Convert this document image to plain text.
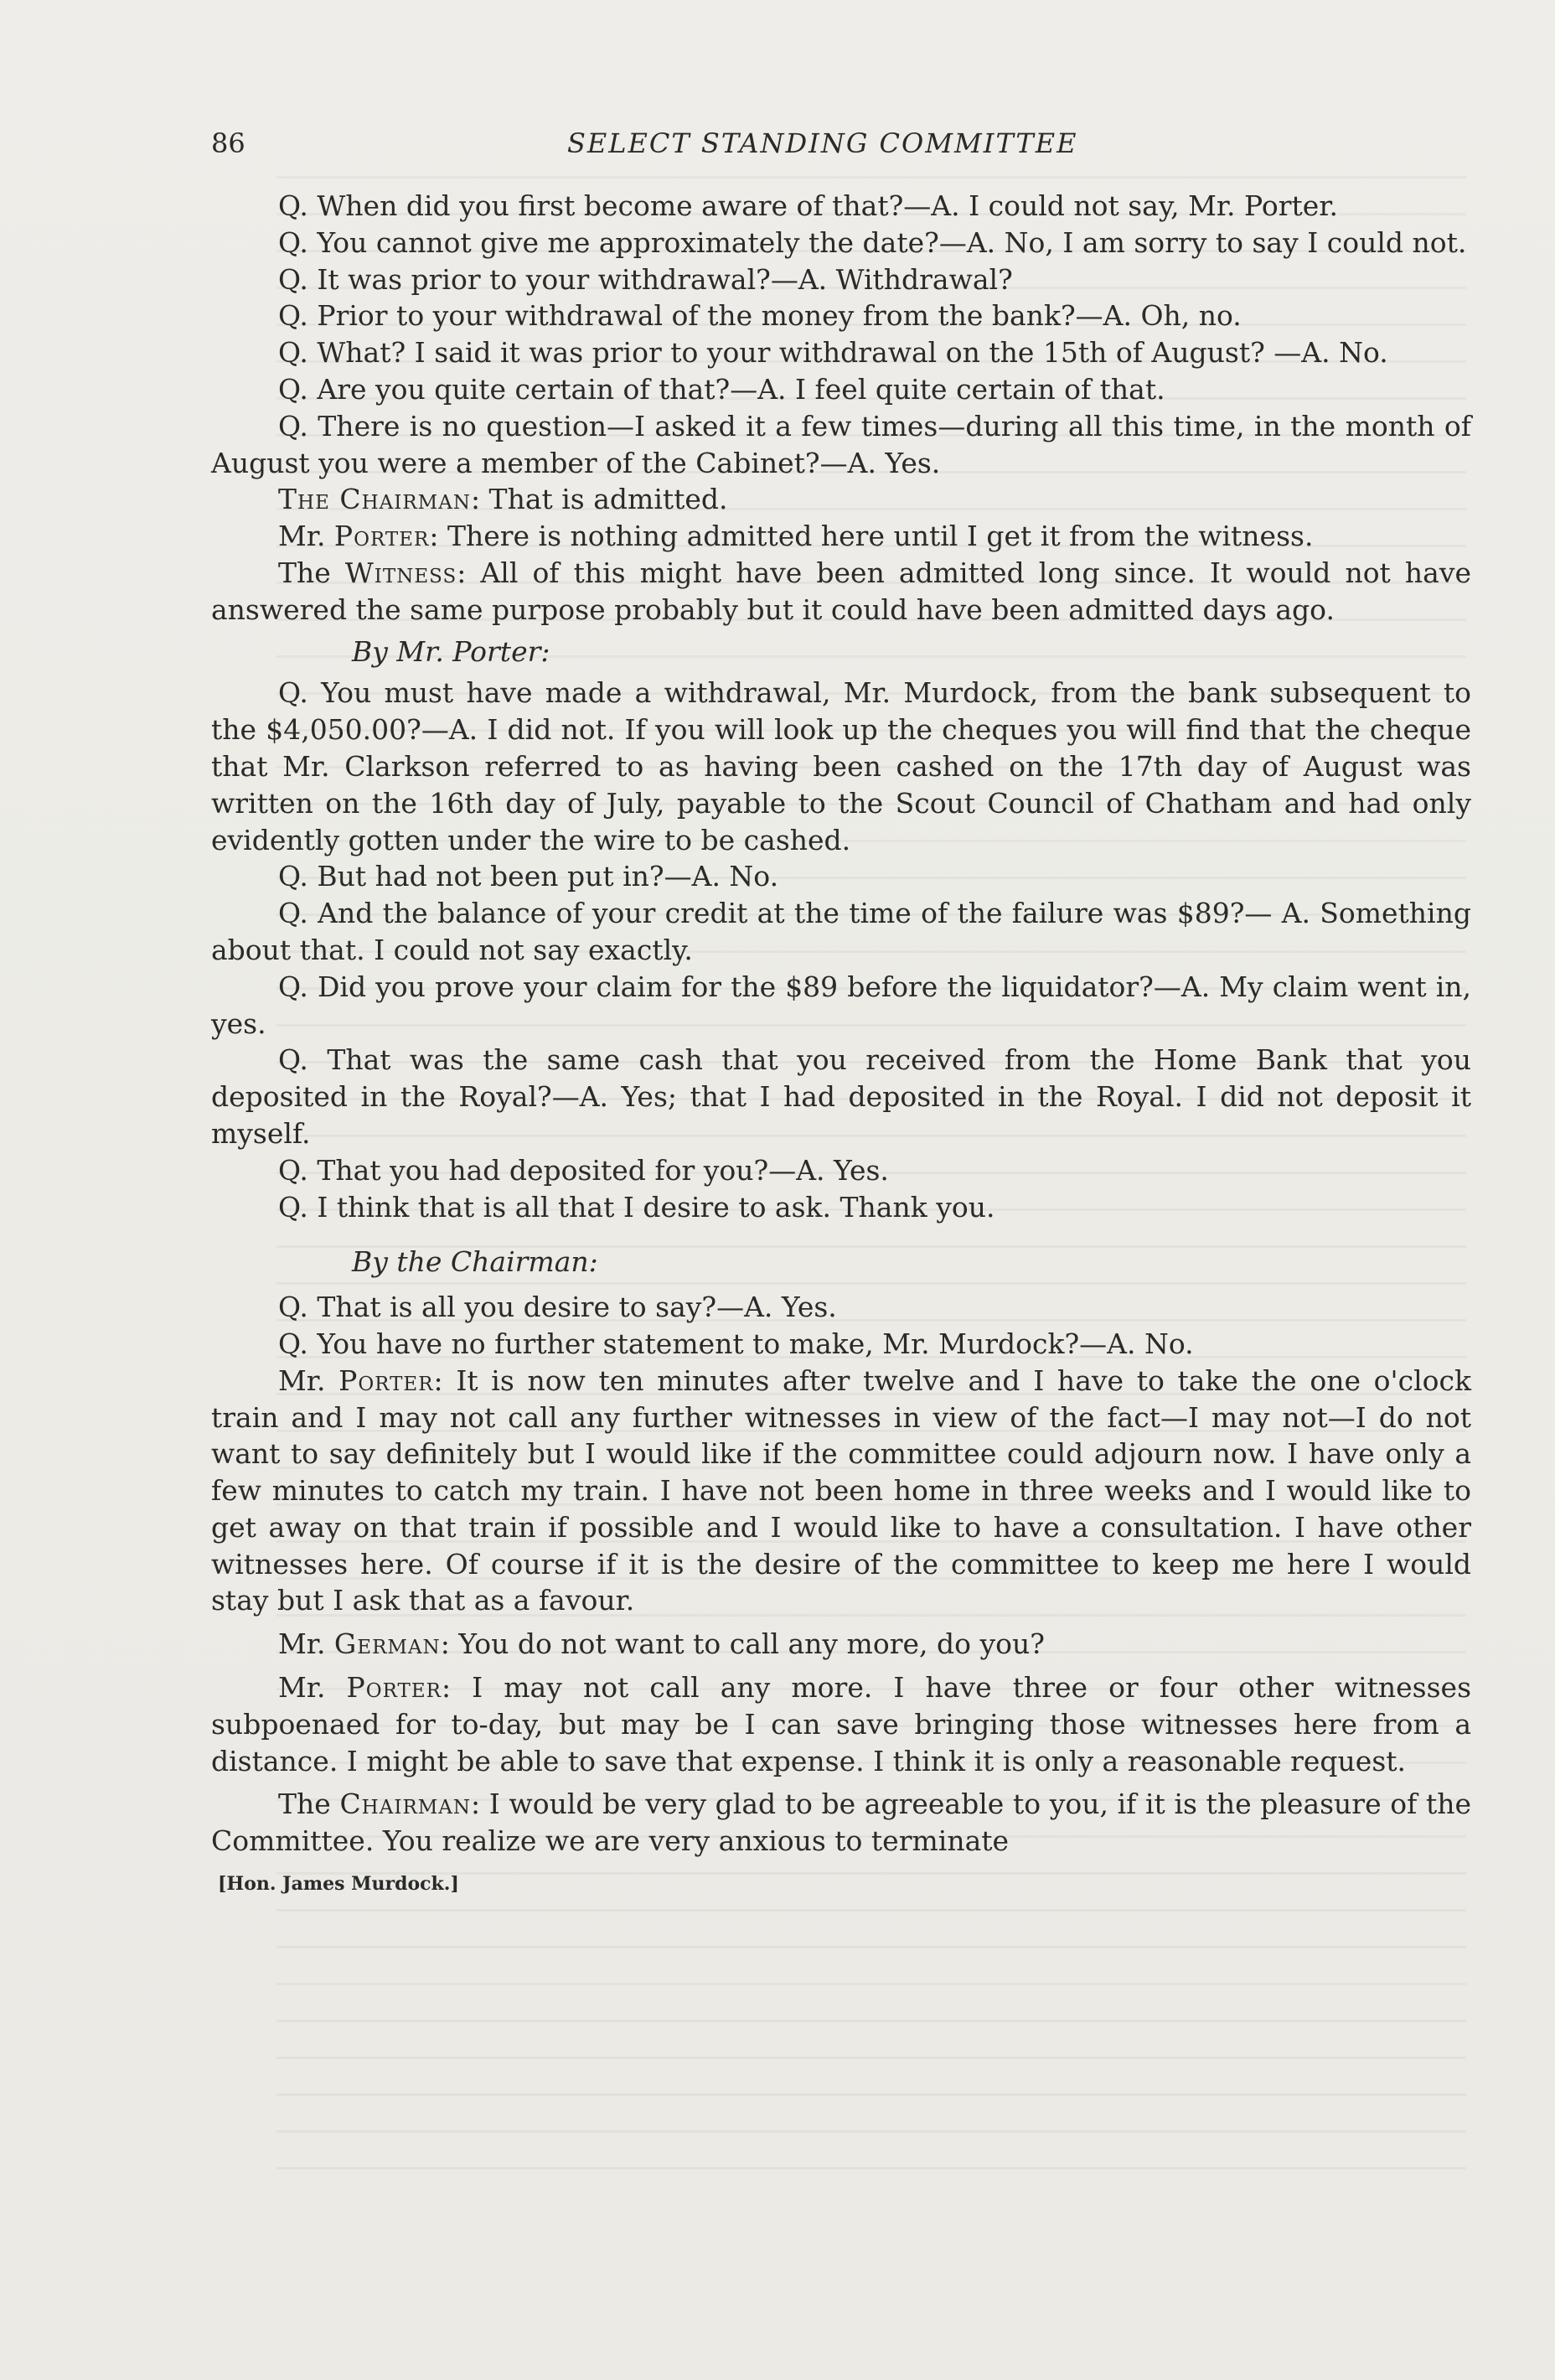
86	SELECT STANDING COMMITTEE

Q. When did you first become aware of that?—A. I could not say, Mr. Porter.

Q. You cannot give me approximately the date?—A. No, I am sorry to say I could not.

Q. It was prior to your withdrawal?—A. Withdrawal?

Q. Prior to your withdrawal of the money from the bank?—A. Oh, no.

Q. What? I said it was prior to your withdrawal on the 15th of August? —A. No.

Q. Are you quite certain of that?—A. I feel quite certain of that.

Q. There is no question—I asked it a few times—during all this time, in the month of August you were a member of the Cabinet?—A. Yes.

The Chairman: That is admitted.

Mr. Porter: There is nothing admitted here until I get it from the witness.

The Witness: All of this might have been admitted long since. It would not have answered the same purpose probably but it could have been admitted days ago.

By Mr. Porter:

Q. You must have made a withdrawal, Mr. Murdock, from the bank subsequent to the $4,050.00?—A. I did not. If you will look up the cheques you will find that the cheque that Mr. Clarkson referred to as having been cashed on the 17th day of August was written on the 16th day of July, payable to the Scout Council of Chatham and had only evidently gotten under the wire to be cashed.

Q. But had not been put in?—A. No.

Q. And the balance of your credit at the time of the failure was $89?— A. Something about that. I could not say exactly.

Q. Did you prove your claim for the $89 before the liquidator?—A. My claim went in, yes.

Q. That was the same cash that you received from the Home Bank that you deposited in the Royal?—A. Yes; that I had deposited in the Royal. I did not deposit it myself.

Q. That you had deposited for you?—A. Yes.

Q. I think that is all that I desire to ask. Thank you.

By the Chairman:

Q. That is all you desire to say?—A. Yes.

Q. You have no further statement to make, Mr. Murdock?—A. No.

Mr. Porter: It is now ten minutes after twelve and I have to take the one o'clock train and I may not call any further witnesses in view of the fact—I may not—I do not want to say definitely but I would like if the committee could adjourn now. I have only a few minutes to catch my train. I have not been home in three weeks and I would like to get away on that train if possible and I would like to have a consultation. I have other witnesses here. Of course if it is the desire of the committee to keep me here I would stay but I ask that as a favour.

Mr. German: You do not want to call any more, do you?

Mr. Porter: I may not call any more. I have three or four other witnesses subpoenaed for to-day, but may be I can save bringing those witnesses here from a distance. I might be able to save that expense. I think it is only a reasonable request.

The Chairman: I would be very glad to be agreeable to you, if it is the pleasure of the Committee. You realize we are very anxious to terminate

[Hon. James Murdock.]
